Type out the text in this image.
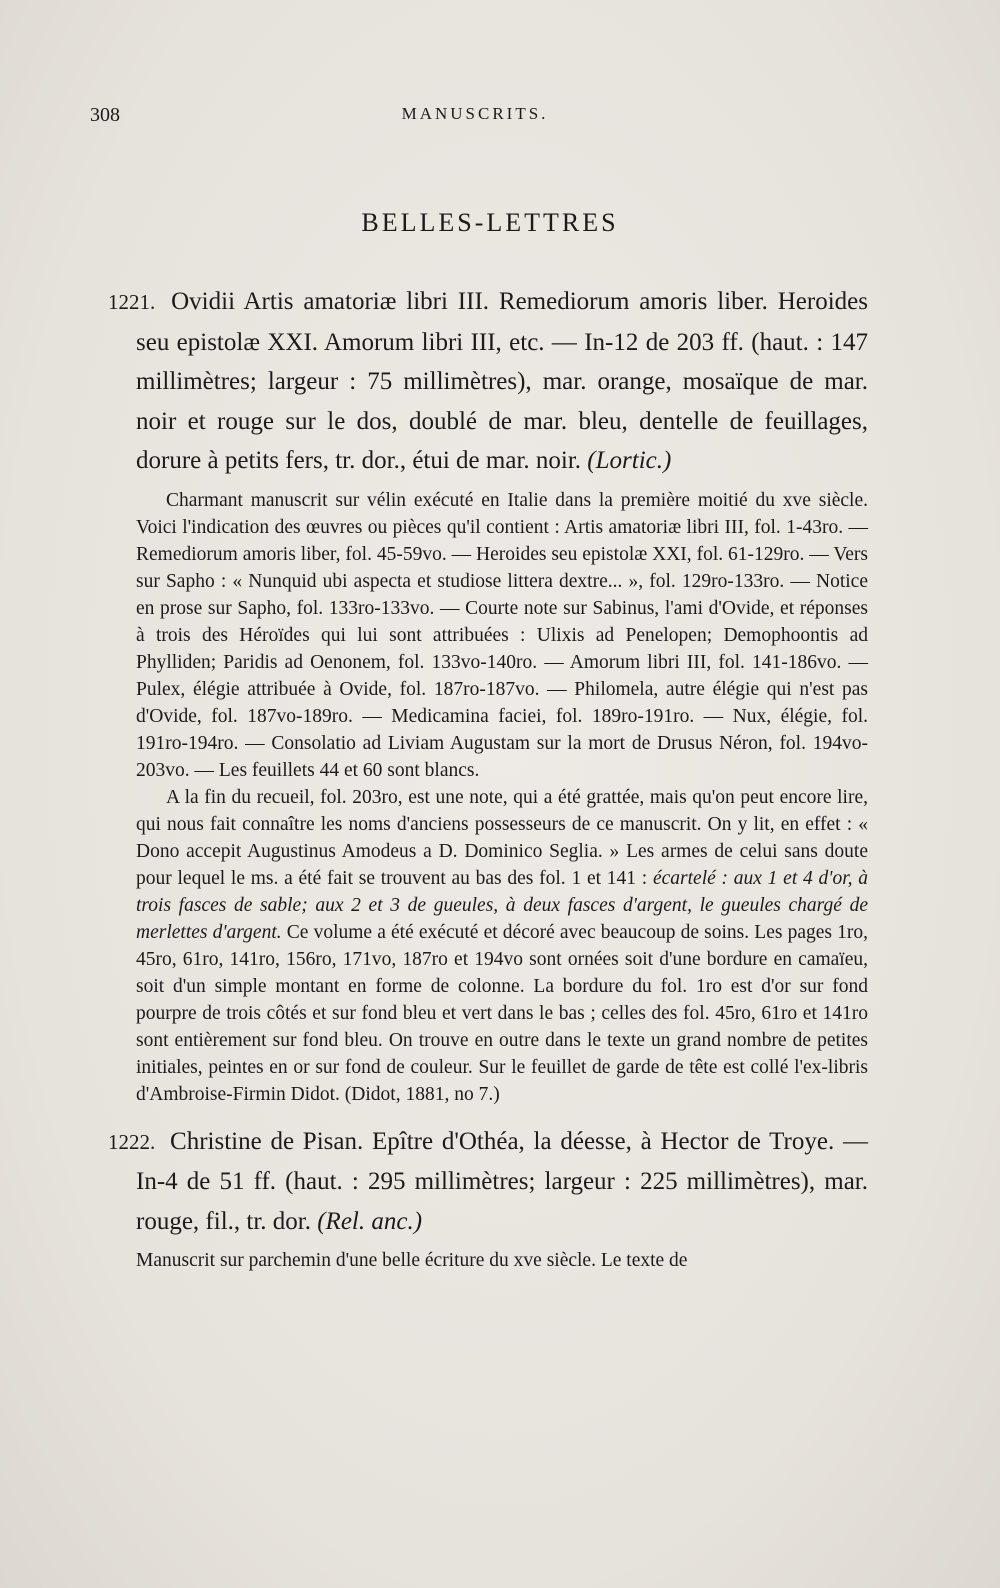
308	MANUSCRITS.
BELLES-LETTRES

1221. Ovidii Artis amatoriæ libri III. Remediorum amoris liber. Heroides seu epistolæ XXI. Amorum libri III, etc. — In-12 de 203 ff. (haut. : 147 millimètres; largeur : 75 millimètres), mar. orange, mosaïque de mar. noir et rouge sur le dos, doublé de mar. bleu, dentelle de feuillages, dorure à petits fers, tr. dor., étui de mar. noir. (Lortic.)

Charmant manuscrit sur vélin exécuté en Italie dans la première moitié du xve siècle. Voici l'indication des œuvres ou pièces qu'il contient : Artis amatoriæ libri III, fol. 1-43ro. — Remediorum amoris liber, fol. 45-59vo. — Heroides seu epistolæ XXI, fol. 61-129ro. — Vers sur Sapho : « Nunquid ubi aspecta et studiose littera dextre... », fol. 129ro-133ro. — Notice en prose sur Sapho, fol. 133ro-133vo. — Courte note sur Sabinus, l'ami d'Ovide, et réponses à trois des Héroïdes qui lui sont attribuées : Ulixis ad Penelopen; Demophoontis ad Phylliden; Paridis ad Oenonem, fol. 133vo-140ro. — Amorum libri III, fol. 141-186vo. — Pulex, élégie attribuée à Ovide, fol. 187ro-187vo. — Philomela, autre élégie qui n'est pas d'Ovide, fol. 187vo-189ro. — Medicamina faciei, fol. 189ro-191ro. — Nux, élégie, fol. 191ro-194ro. — Consolatio ad Liviam Augustam sur la mort de Drusus Néron, fol. 194vo-203vo. — Les feuillets 44 et 60 sont blancs.

A la fin du recueil, fol. 203ro, est une note, qui a été grattée, mais qu'on peut encore lire, qui nous fait connaître les noms d'anciens possesseurs de ce manuscrit. On y lit, en effet : « Dono accepit Augustinus Amodeus a D. Dominico Seglia. » Les armes de celui sans doute pour lequel le ms. a été fait se trouvent au bas des fol. 1 et 141 : écartelé : aux 1 et 4 d'or, à trois fasces de sable; aux 2 et 3 de gueules, à deux fasces d'argent, le gueules chargé de merlettes d'argent. Ce volume a été exécuté et décoré avec beaucoup de soins. Les pages 1ro, 45ro, 61ro, 141ro, 156ro, 171vo, 187ro et 194vo sont ornées soit d'une bordure en camaïeu, soit d'un simple montant en forme de colonne. La bordure du fol. 1ro est d'or sur fond pourpre de trois côtés et sur fond bleu et vert dans le bas ; celles des fol. 45ro, 61ro et 141ro sont entièrement sur fond bleu. On trouve en outre dans le texte un grand nombre de petites initiales, peintes en or sur fond de couleur. Sur le feuillet de garde de tête est collé l'ex-libris d'Ambroise-Firmin Didot. (Didot, 1881, no 7.)

1222. Christine de Pisan. Epître d'Othéa, la déesse, à Hector de Troye. — In-4 de 51 ff. (haut. : 295 millimètres; largeur : 225 millimètres), mar. rouge, fil., tr. dor. (Rel. anc.)

Manuscrit sur parchemin d'une belle écriture du xve siècle. Le texte de
